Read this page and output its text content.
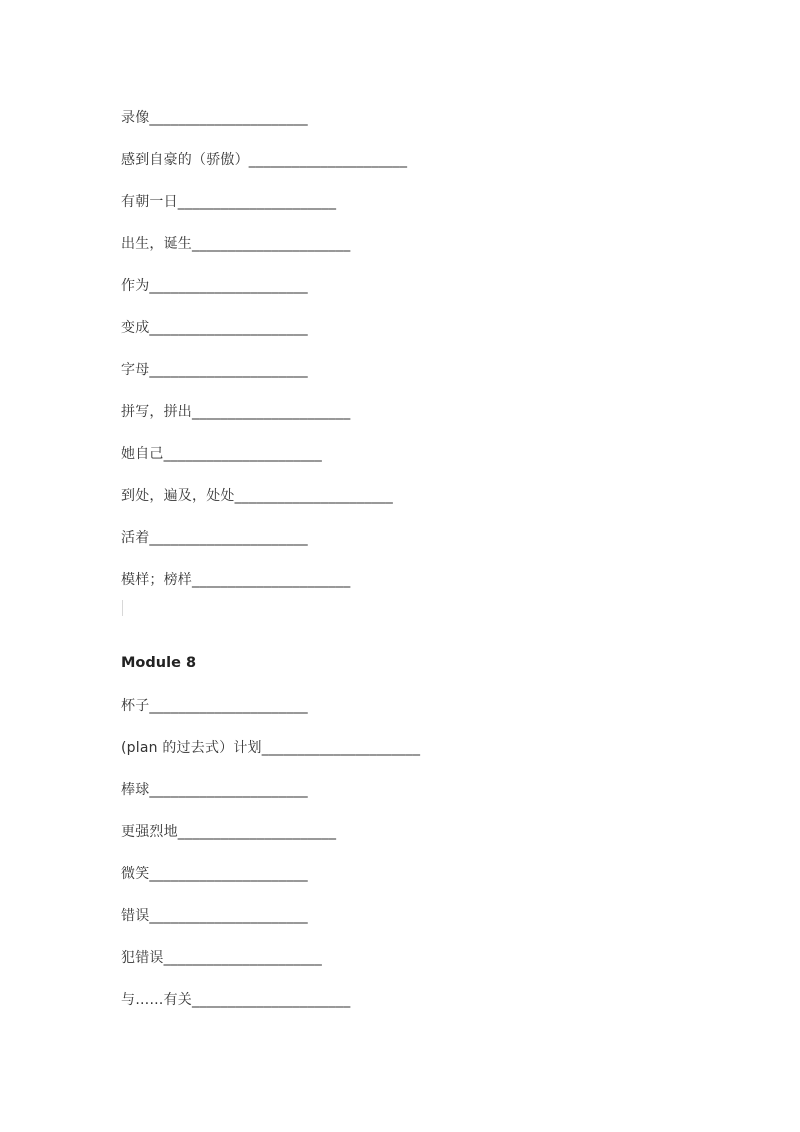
录像______________________
感到自豪的（骄傲）______________________
有朝一日______________________
出生，诞生______________________
作为______________________
变成______________________
字母______________________
拼写，拼出______________________
她自己______________________
到处，遍及，处处______________________
活着______________________
模样；榜样______________________
Module 8
杯子______________________
(plan 的过去式）计划______________________
棒球______________________
更强烈地______________________
微笑______________________
错误______________________
犯错误______________________
与……有关______________________
